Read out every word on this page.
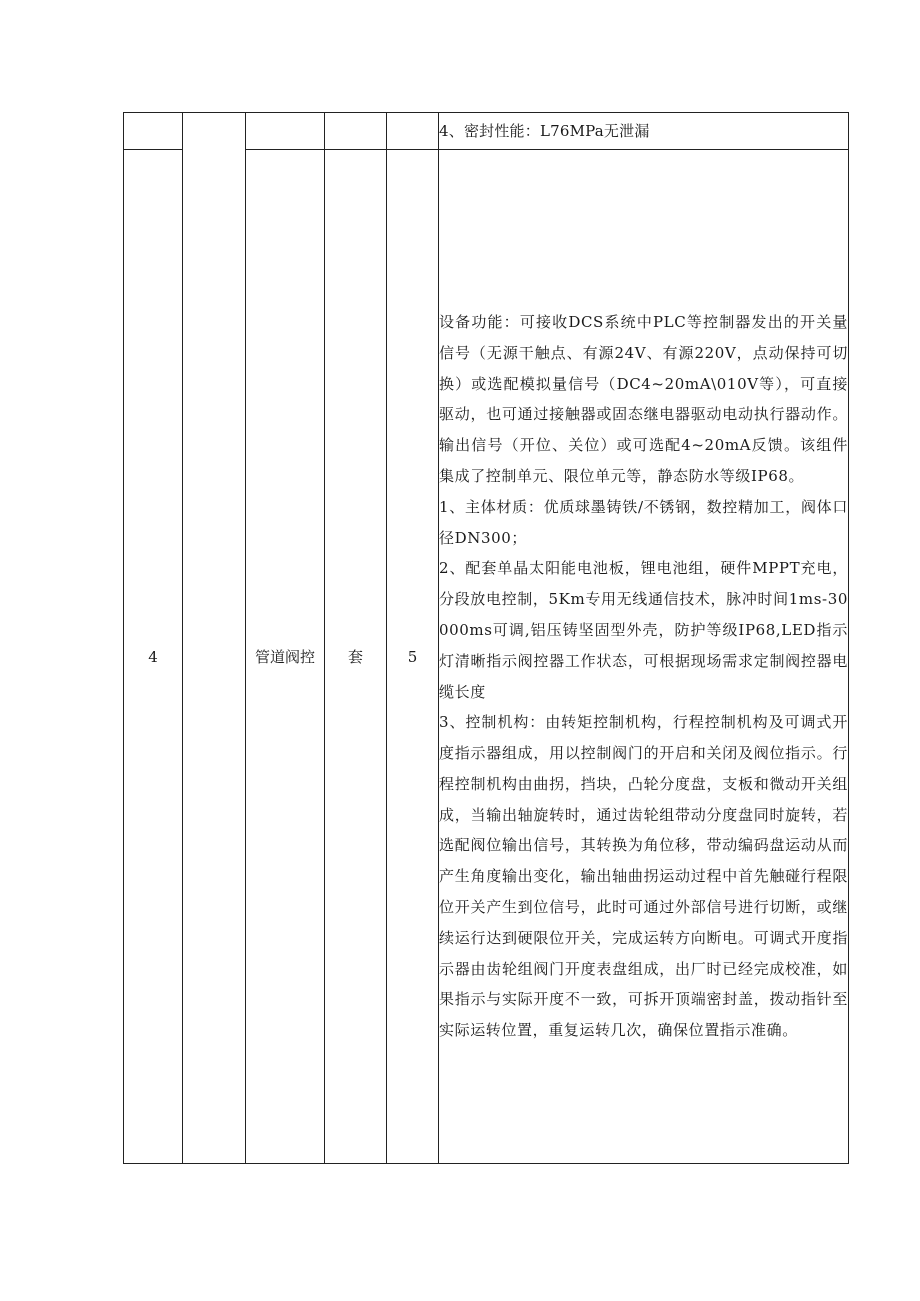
					4、密封性能：L76MPa无泄漏

4		管道阀控	套	5	设备功能：可接收DCS系统中PLC等控制器发出的开关量信号（无源干触点、有源24V、有源220V，点动保持可切换）或选配模拟量信号（DC4~20mA\010V等），可直接驱动，也可通过接触器或固态继电器驱动电动执行器动作。输出信号（开位、关位）或可选配4~20mA反馈。该组件集成了控制单元、限位单元等，静态防水等级IP68。

1、主体材质：优质球墨铸铁/不锈钢，数控精加工，阀体口径DN300；

2、配套单晶太阳能电池板，锂电池组，硬件MPPT充电，分段放电控制，5Km专用无线通信技术，脉冲时间1ms-30000ms可调,铝压铸坚固型外壳，防护等级IP68,LED指示灯清晰指示阀控器工作状态，可根据现场需求定制阀控器电缆长度

3、控制机构：由转矩控制机构，行程控制机构及可调式开度指示器组成，用以控制阀门的开启和关闭及阀位指示。行程控制机构由曲拐，挡块，凸轮分度盘，支板和微动开关组成，当输出轴旋转时，通过齿轮组带动分度盘同时旋转，若选配阀位输出信号，其转换为角位移，带动编码盘运动从而产生角度输出变化，输出轴曲拐运动过程中首先触碰行程限位开关产生到位信号，此时可通过外部信号进行切断，或继续运行达到硬限位开关，完成运转方向断电。可调式开度指示器由齿轮组阀门开度表盘组成，出厂时已经完成校准，如果指示与实际开度不一致，可拆开顶端密封盖，拨动指针至实际运转位置，重复运转几次，确保位置指示准确。
